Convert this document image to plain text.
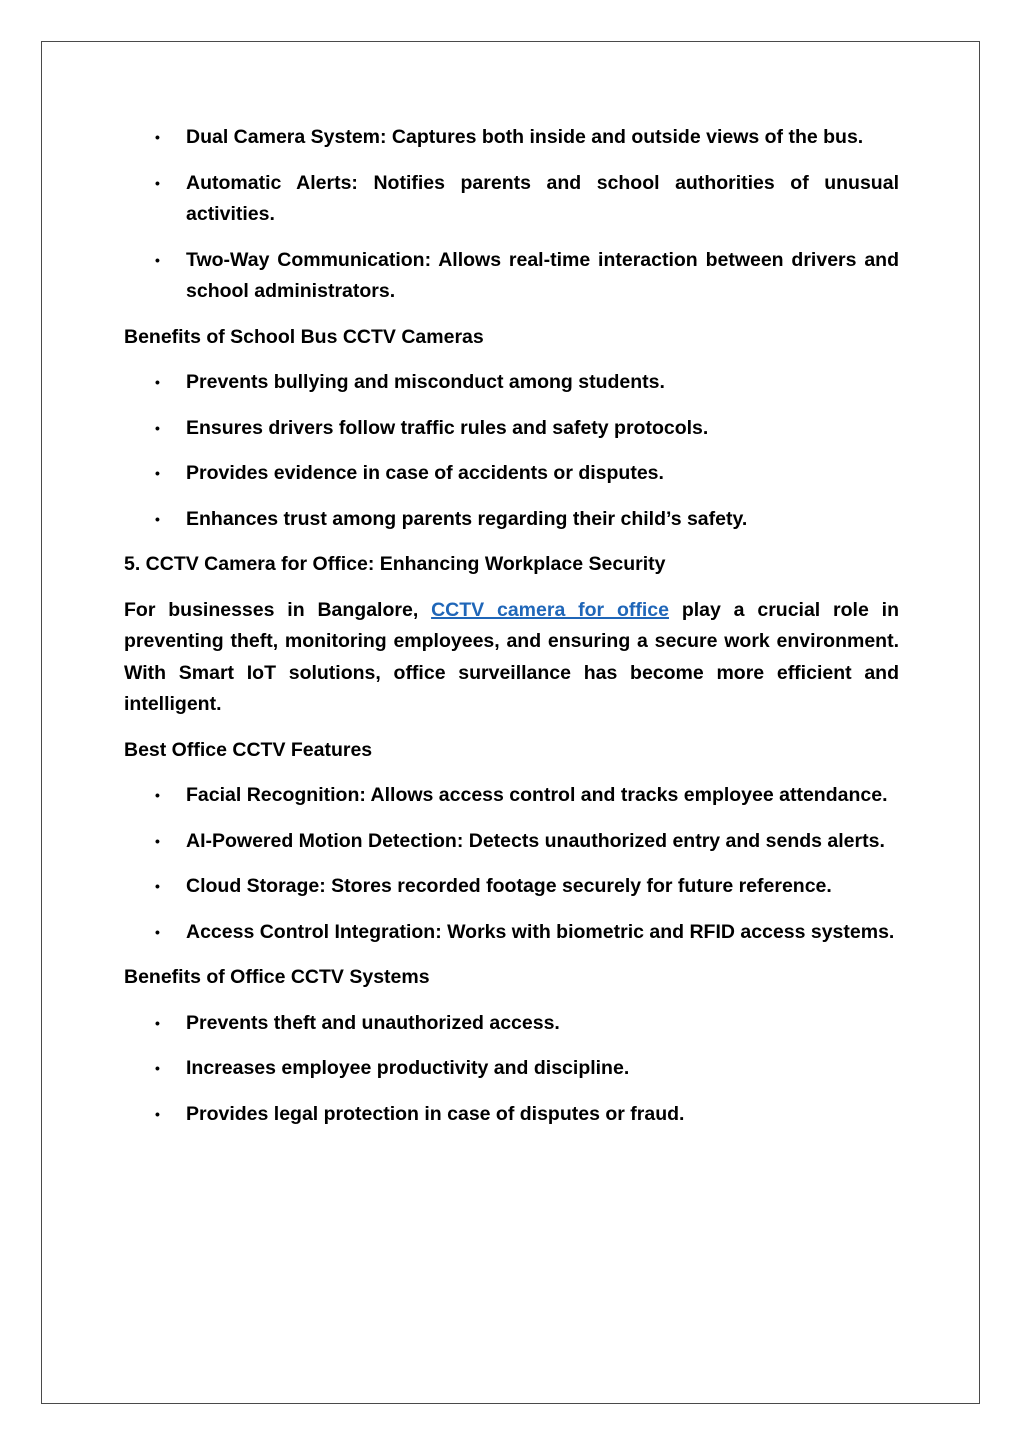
• Dual Camera System: Captures both inside and outside views of the bus.
• Automatic Alerts: Notifies parents and school authorities of unusual activities.
• Two-Way Communication: Allows real-time interaction between drivers and school administrators.
Benefits of School Bus CCTV Cameras
• Prevents bullying and misconduct among students.
• Ensures drivers follow traffic rules and safety protocols.
• Provides evidence in case of accidents or disputes.
• Enhances trust among parents regarding their child’s safety.
5. CCTV Camera for Office: Enhancing Workplace Security

For businesses in Bangalore, CCTV camera for office play a crucial role in preventing theft, monitoring employees, and ensuring a secure work environment. With Smart IoT solutions, office surveillance has become more efficient and intelligent.

Best Office CCTV Features
• Facial Recognition: Allows access control and tracks employee attendance.
• AI-Powered Motion Detection: Detects unauthorized entry and sends alerts.
• Cloud Storage: Stores recorded footage securely for future reference.
• Access Control Integration: Works with biometric and RFID access systems.
Benefits of Office CCTV Systems
• Prevents theft and unauthorized access.
• Increases employee productivity and discipline.
• Provides legal protection in case of disputes or fraud.
